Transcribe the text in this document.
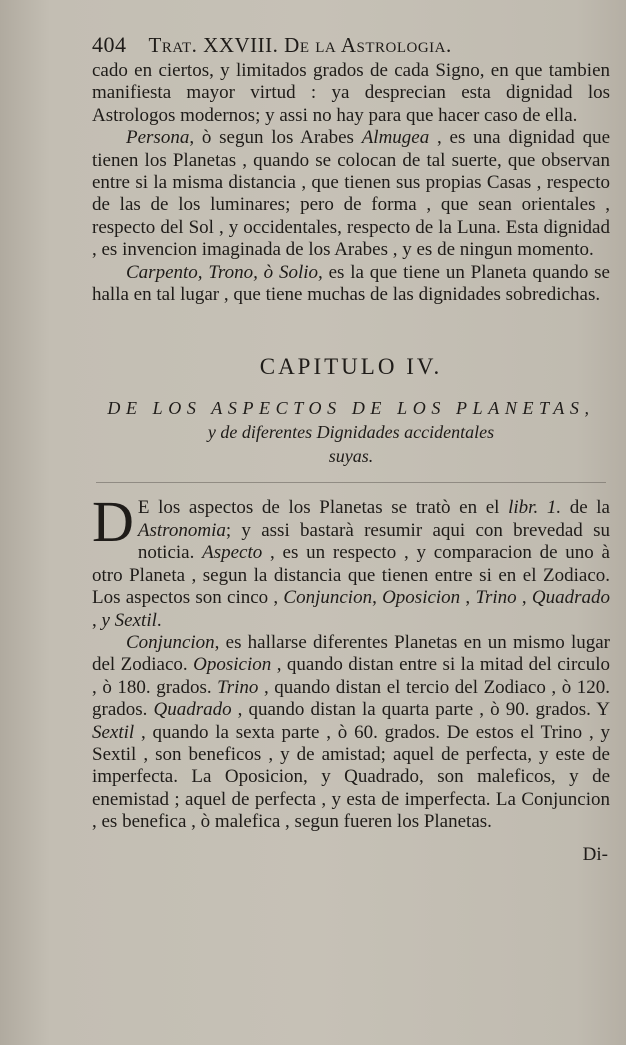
404 Trat. XXVIII. De la Astrologia.

cado en ciertos, y limitados grados de cada Signo, en que tambien manifiesta mayor virtud : ya desprecian esta dignidad los Astrologos modernos; y assi no hay para que hacer caso de ella.

Persona, ò segun los Arabes Almugea , es una dignidad que tienen los Planetas , quando se colocan de tal suerte, que observan entre si la misma distancia , que tienen sus propias Casas , respecto de las de los luminares; pero de forma , que sean orientales , respecto del Sol , y occidentales, respecto de la Luna. Esta dignidad , es invencion imaginada de los Arabes , y es de ningun momento.

Carpento, Trono, ò Solio, es la que tiene un Planeta quando se halla en tal lugar , que tiene muchas de las dignidades sobredichas.

CAPITULO IV.
DE LOS ASPECTOS DE LOS PLANETAS,
y de diferentes Dignidades accidentales
suyas.

D E los aspectos de los Planetas se tratò en el libr. 1. de la Astronomia; y assi bastarà resumir aqui con brevedad su noticia. Aspecto , es un respecto , y comparacion de uno à otro Planeta , segun la distancia que tienen entre si en el Zodiaco. Los aspectos son cinco , Conjuncion, Oposicion , Trino , Quadrado , y Sextil.

Conjuncion, es hallarse diferentes Planetas en un mismo lugar del Zodiaco. Oposicion , quando distan entre si la mitad del circulo , ò 180. grados. Trino , quando distan el tercio del Zodiaco , ò 120. grados. Quadrado , quando distan la quarta parte , ò 90. grados. Y Sextil , quando la sexta parte , ò 60. grados. De estos el Trino , y Sextil , son beneficos , y de amistad; aquel de perfecta, y este de imperfecta. La Oposicion, y Quadrado, son maleficos, y de enemistad ; aquel de perfecta , y esta de imperfecta. La Conjuncion , es benefica , ò malefica , segun fueren los Planetas.

Di-
